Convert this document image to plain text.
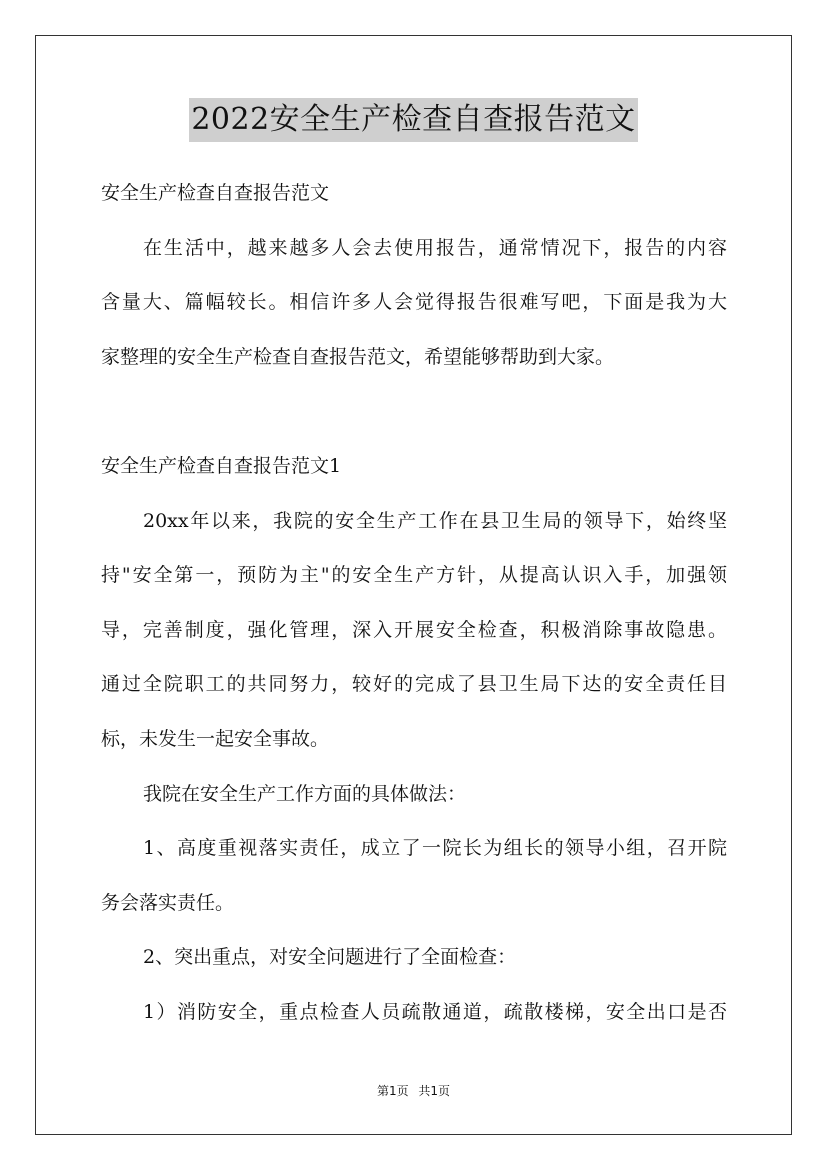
2022安全生产检查自查报告范文
安全生产检查自查报告范文
在生活中，越来越多人会去使用报告，通常情况下，报告的内容
含量大、篇幅较长。相信许多人会觉得报告很难写吧，下面是我为大
家整理的安全生产检查自查报告范文，希望能够帮助到大家。
安全生产检查自查报告范文1
20xx年以来，我院的安全生产工作在县卫生局的领导下，始终坚
持"安全第一，预防为主"的安全生产方针，从提高认识入手，加强领
导，完善制度，强化管理，深入开展安全检查，积极消除事故隐患。
通过全院职工的共同努力，较好的完成了县卫生局下达的安全责任目
标，未发生一起安全事故。
我院在安全生产工作方面的具体做法：
1、高度重视落实责任，成立了一院长为组长的领导小组，召开院
务会落实责任。
2、突出重点，对安全问题进行了全面检查：
1）消防安全，重点检查人员疏散通道，疏散楼梯，安全出口是否
第1页 共1页
